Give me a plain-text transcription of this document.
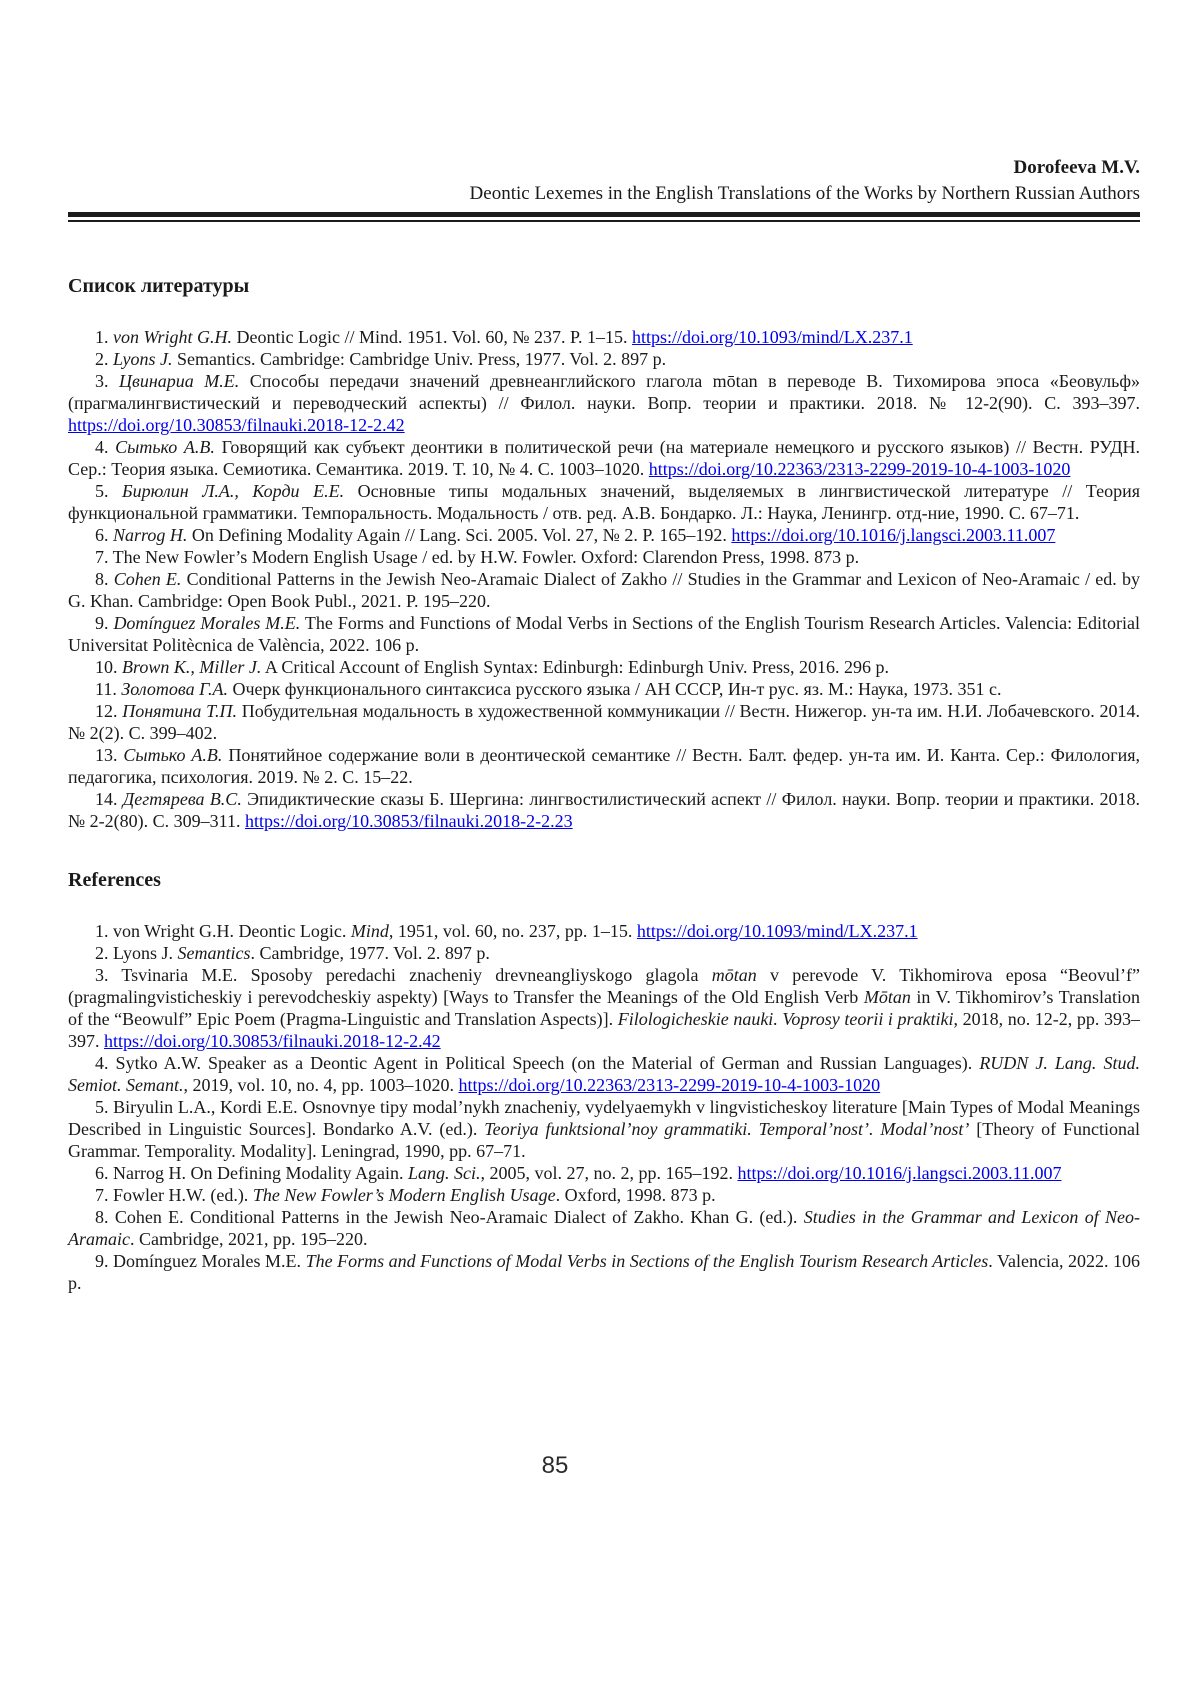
Dorofeeva M.V.
Deontic Lexemes in the English Translations of the Works by Northern Russian Authors
Список литературы

1. von Wright G.H. Deontic Logic // Mind. 1951. Vol. 60, № 237. P. 1–15. https://doi.org/10.1093/mind/LX.237.1

2. Lyons J. Semantics. Cambridge: Cambridge Univ. Press, 1977. Vol. 2. 897 p.

3. Цвинариа М.Е. Способы передачи значений древнеанглийского глагола mōtan в переводе В. Тихомирова эпоса «Беовульф» (прагмалингвистический и переводческий аспекты) // Филол. науки. Вопр. теории и практики. 2018. № 12-2(90). С. 393–397. https://doi.org/10.30853/filnauki.2018-12-2.42

4. Сытько А.В. Говорящий как субъект деонтики в политической речи (на материале немецкого и русского языков) // Вестн. РУДН. Сер.: Теория языка. Семиотика. Семантика. 2019. Т. 10, № 4. С. 1003–1020. https://doi.org/10.22363/2313-2299-2019-10-4-1003-1020

5. Бирюлин Л.А., Корди Е.Е. Основные типы модальных значений, выделяемых в лингвистической литературе // Теория функциональной грамматики. Темпоральность. Модальность / отв. ред. А.В. Бондарко. Л.: Наука, Ленингр. отд-ние, 1990. С. 67–71.

6. Narrog H. On Defining Modality Again // Lang. Sci. 2005. Vol. 27, № 2. P. 165–192. https://doi.org/10.1016/j.langsci.2003.11.007

7. The New Fowler’s Modern English Usage / ed. by H.W. Fowler. Oxford: Clarendon Press, 1998. 873 p.

8. Cohen E. Conditional Patterns in the Jewish Neo-Aramaic Dialect of Zakho // Studies in the Grammar and Lexicon of Neo-Aramaic / ed. by G. Khan. Cambridge: Open Book Publ., 2021. P. 195–220.

9. Domínguez Morales M.E. The Forms and Functions of Modal Verbs in Sections of the English Tourism Research Articles. Valencia: Editorial Universitat Politècnica de València, 2022. 106 p.

10. Brown K., Miller J. A Critical Account of English Syntax: Edinburgh: Edinburgh Univ. Press, 2016. 296 p.

11. Золотова Г.А. Очерк функционального синтаксиса русского языка / АН СССР, Ин-т рус. яз. М.: Наука, 1973. 351 с.

12. Понятина Т.П. Побудительная модальность в художественной коммуникации // Вестн. Нижегор. ун-та им. Н.И. Лобачевского. 2014. № 2(2). С. 399–402.

13. Сытько А.В. Понятийное содержание воли в деонтической семантике // Вестн. Балт. федер. ун-та им. И. Канта. Сер.: Филология, педагогика, психология. 2019. № 2. С. 15–22.

14. Дегтярева В.С. Эпидиктические сказы Б. Шергина: лингвостилистический аспект // Филол. науки. Вопр. теории и практики. 2018. № 2-2(80). С. 309–311. https://doi.org/10.30853/filnauki.2018-2-2.23

References

1. von Wright G.H. Deontic Logic. Mind, 1951, vol. 60, no. 237, pp. 1–15. https://doi.org/10.1093/mind/LX.237.1

2. Lyons J. Semantics. Cambridge, 1977. Vol. 2. 897 p.

3. Tsvinaria M.E. Sposoby peredachi znacheniy drevneangliyskogo glagola mōtan v perevode V. Tikhomirova eposa “Beovul’f” (pragmalingvisticheskiy i perevodcheskiy aspekty) [Ways to Transfer the Meanings of the Old English Verb Mōtan in V. Tikhomirov’s Translation of the “Beowulf” Epic Poem (Pragma-Linguistic and Translation Aspects)]. Filologicheskie nauki. Voprosy teorii i praktiki, 2018, no. 12-2, pp. 393–397. https://doi.org/10.30853/filnauki.2018-12-2.42

4. Sytko A.W. Speaker as a Deontic Agent in Political Speech (on the Material of German and Russian Languages). RUDN J. Lang. Stud. Semiot. Semant., 2019, vol. 10, no. 4, pp. 1003–1020. https://doi.org/10.22363/2313-2299-2019-10-4-1003-1020

5. Biryulin L.A., Kordi E.E. Osnovnye tipy modal’nykh znacheniy, vydelyaemykh v lingvisticheskoy literature [Main Types of Modal Meanings Described in Linguistic Sources]. Bondarko A.V. (ed.). Teoriya funktsional’noy grammatiki. Temporal’nost’. Modal’nost’ [Theory of Functional Grammar. Temporality. Modality]. Leningrad, 1990, pp. 67–71.

6. Narrog H. On Defining Modality Again. Lang. Sci., 2005, vol. 27, no. 2, pp. 165–192. https://doi.org/10.1016/j.langsci.2003.11.007

7. Fowler H.W. (ed.). The New Fowler’s Modern English Usage. Oxford, 1998. 873 p.

8. Cohen E. Conditional Patterns in the Jewish Neo-Aramaic Dialect of Zakho. Khan G. (ed.). Studies in the Grammar and Lexicon of Neo-Aramaic. Cambridge, 2021, pp. 195–220.

9. Domínguez Morales M.E. The Forms and Functions of Modal Verbs in Sections of the English Tourism Research Articles. Valencia, 2022. 106 p.

85
